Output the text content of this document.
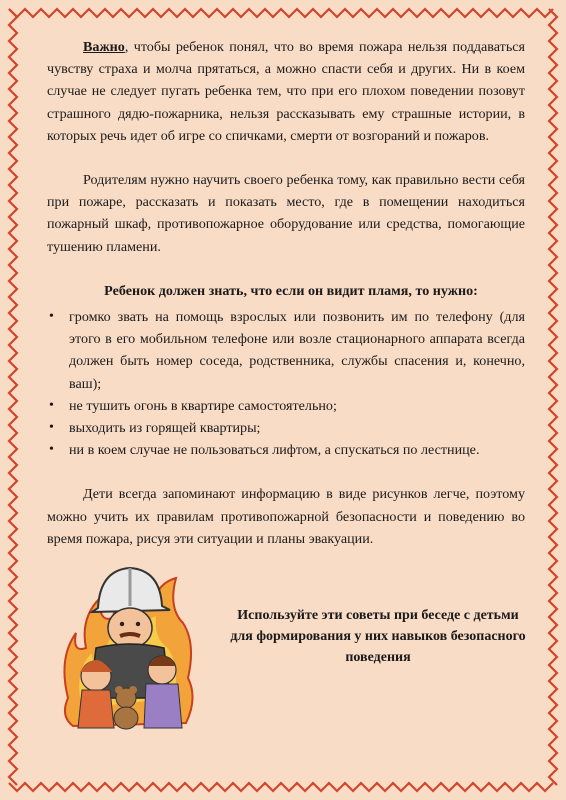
Важно, чтобы ребенок понял, что во время пожара нельзя поддаваться чувству страха и молча прятаться, а можно спасти себя и других. Ни в коем случае не следует пугать ребенка тем, что при его плохом поведении позовут страшного дядю-пожарника, нельзя рассказывать ему страшные истории, в которых речь идет об игре со спичками, смерти от возгораний и пожаров.

Родителям нужно научить своего ребенка тому, как правильно вести себя при пожаре, рассказать и показать место, где в помещении находиться пожарный шкаф, противопожарное оборудование или средства, помогающие тушению пламени.

Ребенок должен знать, что если он видит пламя, то нужно:

• громко звать на помощь взрослых или позвонить им по телефону (для этого в его мобильном телефоне или возле стационарного аппарата всегда должен быть номер соседа, родственника, службы спасения и, конечно, ваш);
• не тушить огонь в квартире самостоятельно;
• выходить из горящей квартиры;
• ни в коем случае не пользоваться лифтом, а спускаться по лестнице.

Дети всегда запоминают информацию в виде рисунков легче, поэтому можно учить их правилам противопожарной безопасности и поведению во время пожара, рисуя эти ситуации и планы эвакуации.

Используйте эти советы при беседе с детьми для формирования у них навыков безопасного поведения
